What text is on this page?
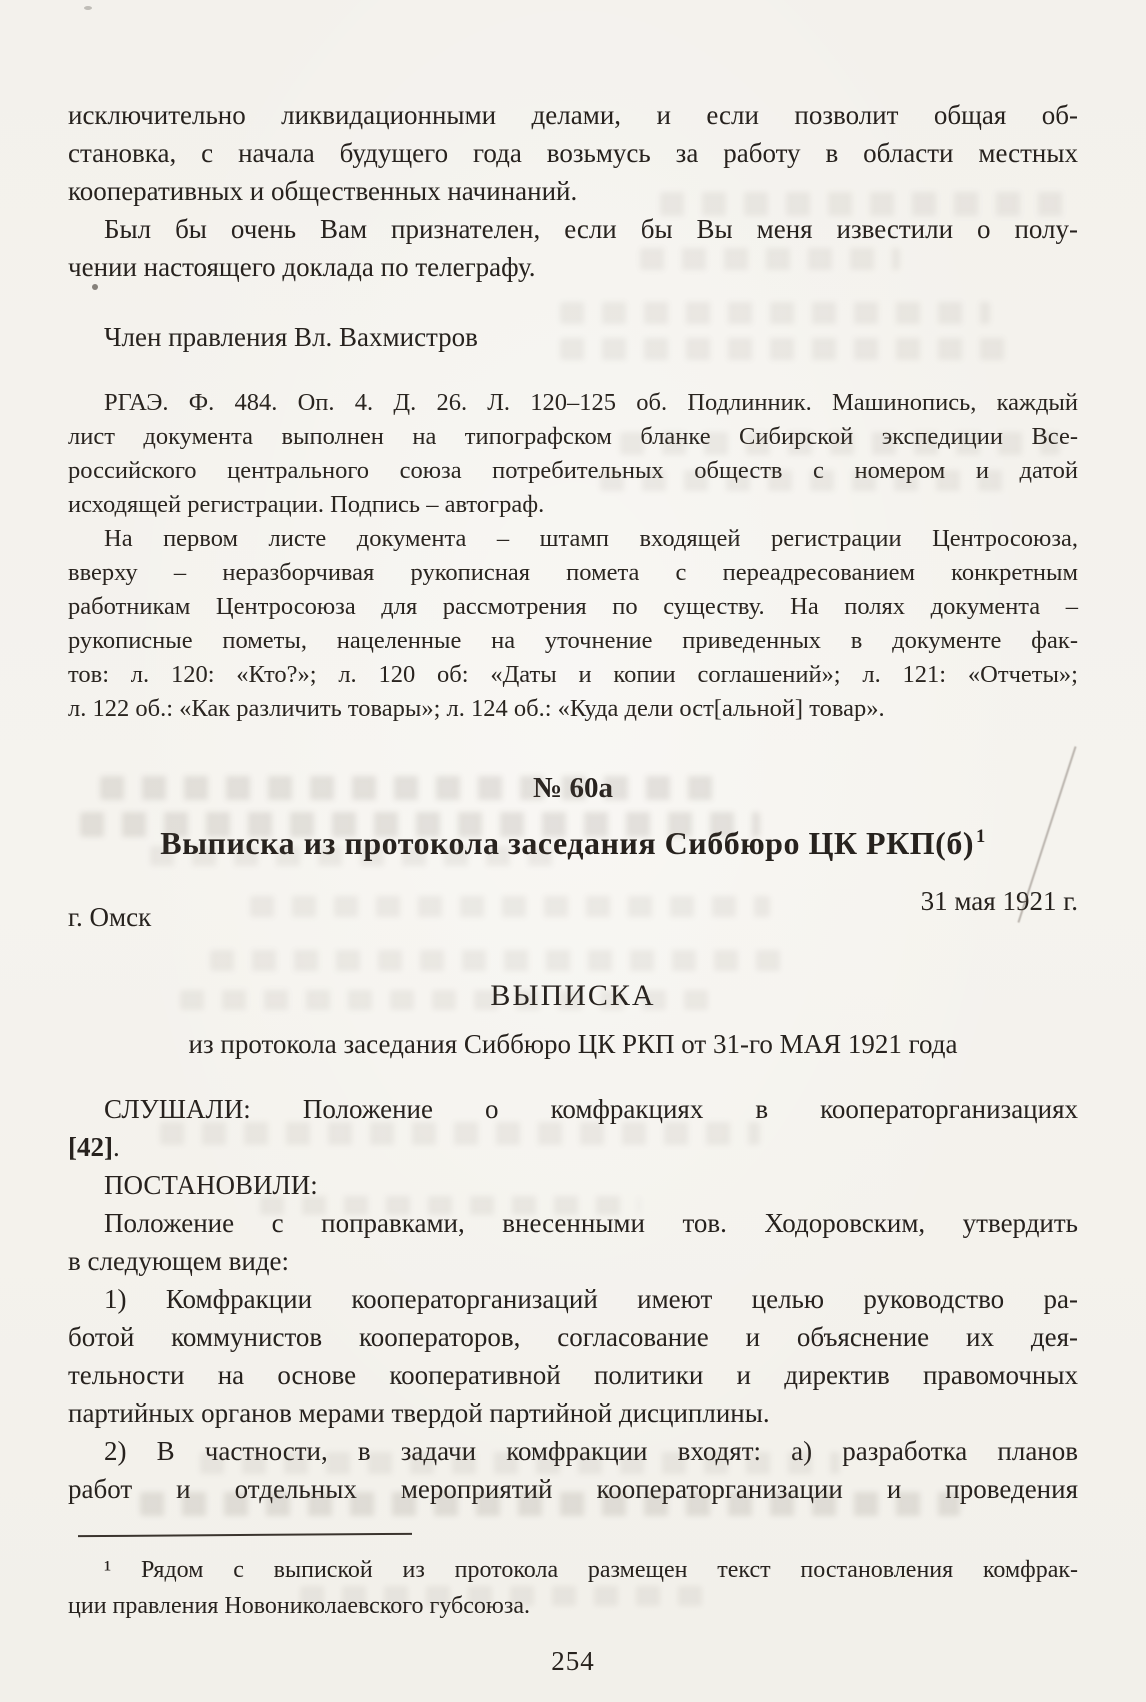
исключительно ликвидационными делами, и если позволит общая об-
становка, с начала будущего года возьмусь за работу в области местных
кооперативных и общественных начинаний.
Был бы очень Вам признателен, если бы Вы меня известили о полу-
чении настоящего доклада по телеграфу.
Член правления Вл. Вахмистров
РГАЭ. Ф. 484. Оп. 4. Д. 26. Л. 120–125 об. Подлинник. Машинопись, каждый
лист документа выполнен на типографском бланке Сибирской экспедиции Все-
российского центрального союза потребительных обществ с номером и датой
исходящей регистрации. Подпись – автограф.
На первом листе документа – штамп входящей регистрации Центросоюза,
вверху – неразборчивая рукописная помета с переадресованием конкретным
работникам Центросоюза для рассмотрения по существу. На полях документа –
рукописные пометы, нацеленные на уточнение приведенных в документе фак-
тов: л. 120: «Кто?»; л. 120 об: «Даты и копии соглашений»; л. 121: «Отчеты»;
л. 122 об.: «Как различить товары»; л. 124 об.: «Куда дели ост[альной] товар».
№ 60а
Выписка из протокола заседания Сиббюро ЦК РКП(б) $^1$
г. Омск
31 мая 1921 г.
ВЫПИСКА
из протокола заседания Сиббюро ЦК РКП от 31-го МАЯ 1921 года
СЛУШАЛИ: Положение о комфракциях в кооператорганизациях
[42].
ПОСТАНОВИЛИ:
Положение с поправками, внесенными тов. Ходоровским, утвердить
в следующем виде:
1) Комфракции кооператорганизаций имеют целью руководство ра-
ботой коммунистов кооператоров, согласование и объяснение их дея-
тельности на основе кооперативной политики и директив правомочных
партийных органов мерами твердой партийной дисциплины.
2) В частности, в задачи комфракции входят: а) разработка планов
работ и отдельных мероприятий кооператорганизации и проведения
¹ Рядом с выпиской из протокола размещен текст постановления комфрак-
ции правления Новониколаевского губсоюза.
254
